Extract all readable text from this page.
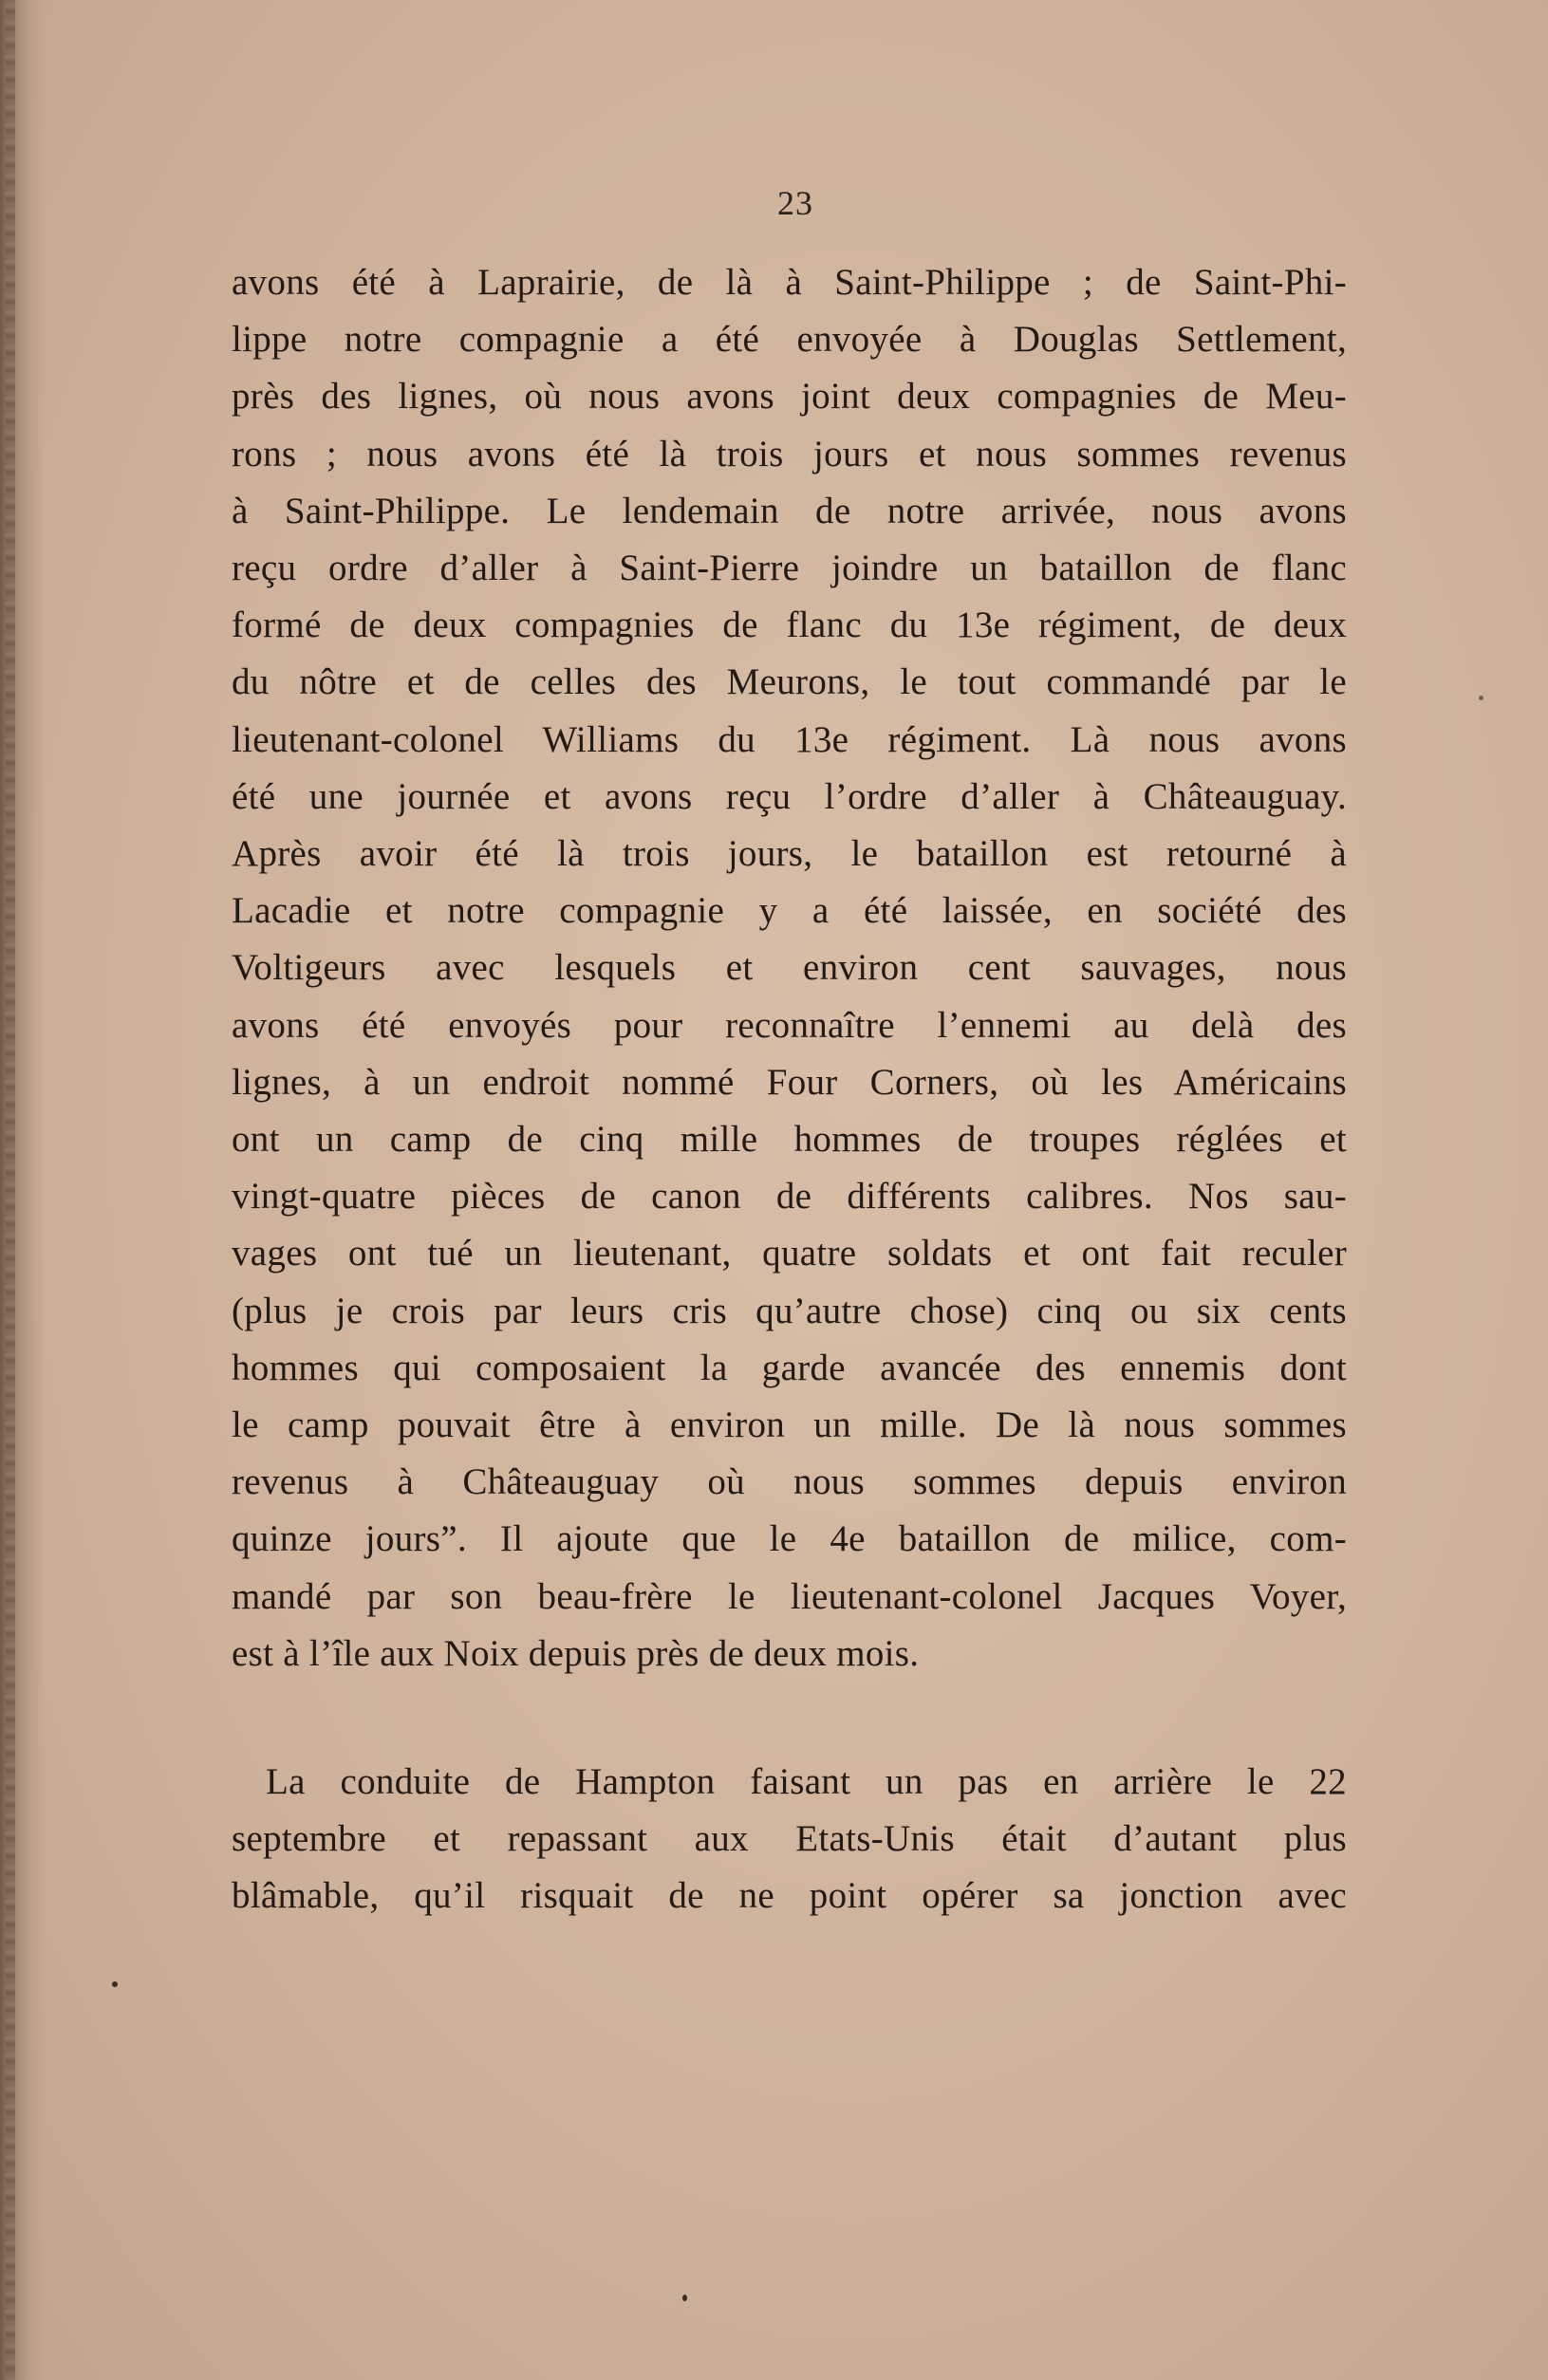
23
avons été à Laprairie, de là à Saint-Philippe ; de Saint-Phi-
lippe notre compagnie a été envoyée à Douglas Settlement,
près des lignes, où nous avons joint deux compagnies de Meu-
rons ; nous avons été là trois jours et nous sommes revenus
à Saint-Philippe. Le lendemain de notre arrivée, nous avons
reçu ordre d’aller à Saint-Pierre joindre un bataillon de flanc
formé de deux compagnies de flanc du 13e régiment, de deux
du nôtre et de celles des Meurons, le tout commandé par le
lieutenant-colonel Williams du 13e régiment. Là nous avons
été une journée et avons reçu l’ordre d’aller à Châteauguay.
Après avoir été là trois jours, le bataillon est retourné à
Lacadie et notre compagnie y a été laissée, en société des
Voltigeurs avec lesquels et environ cent sauvages, nous
avons été envoyés pour reconnaître l’ennemi au delà des
lignes, à un endroit nommé Four Corners, où les Américains
ont un camp de cinq mille hommes de troupes réglées et
vingt-quatre pièces de canon de différents calibres. Nos sau-
vages ont tué un lieutenant, quatre soldats et ont fait reculer
(plus je crois par leurs cris qu’autre chose) cinq ou six cents
hommes qui composaient la garde avancée des ennemis dont
le camp pouvait être à environ un mille. De là nous sommes
revenus à Châteauguay où nous sommes depuis environ
quinze jours”. Il ajoute que le 4e bataillon de milice, com-
mandé par son beau-frère le lieutenant-colonel Jacques Voyer,
est à l’île aux Noix depuis près de deux mois.
La conduite de Hampton faisant un pas en arrière le 22
septembre et repassant aux Etats-Unis était d’autant plus
blâmable, qu’il risquait de ne point opérer sa jonction avec
